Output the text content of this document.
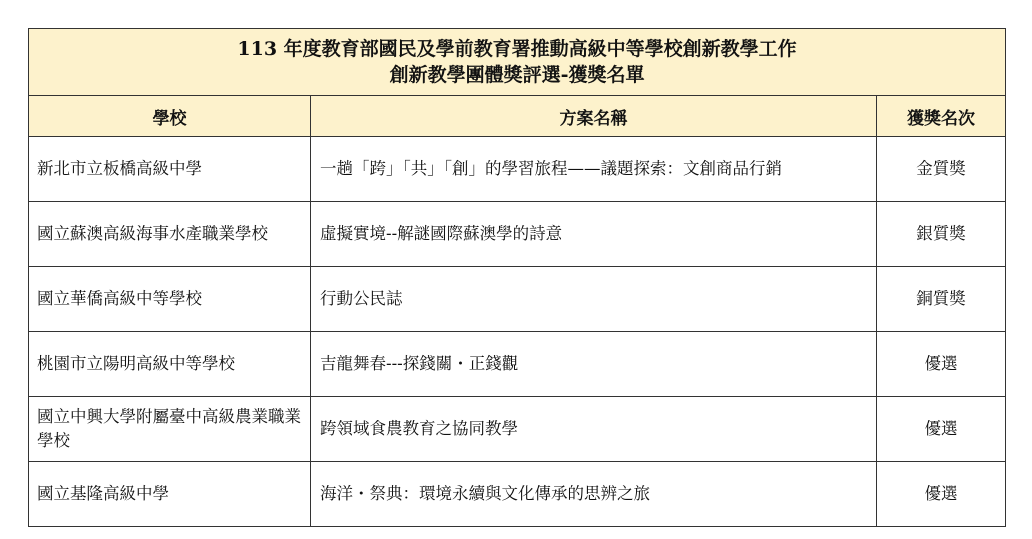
113 年度教育部國民及學前教育署推動高級中等學校創新教學工作
創新教學團體獎評選-獲獎名單		

學校	方案名稱	獲獎名次
新北市立板橋高級中學	一趟「跨」「共」「創」的學習旅程——議題探索：文創商品行銷	金質獎
國立蘇澳高級海事水產職業學校	虛擬實境--解謎國際蘇澳學的詩意	銀質獎
國立華僑高級中等學校	行動公民誌	銅質獎
桃園市立陽明高級中等學校	吉龍舞春---探錢關・正錢觀	優選
國立中興大學附屬臺中高級農業職業學校	跨領域食農教育之協同教學	優選
國立基隆高級中學	海洋・祭典：環境永續與文化傳承的思辨之旅	優選
